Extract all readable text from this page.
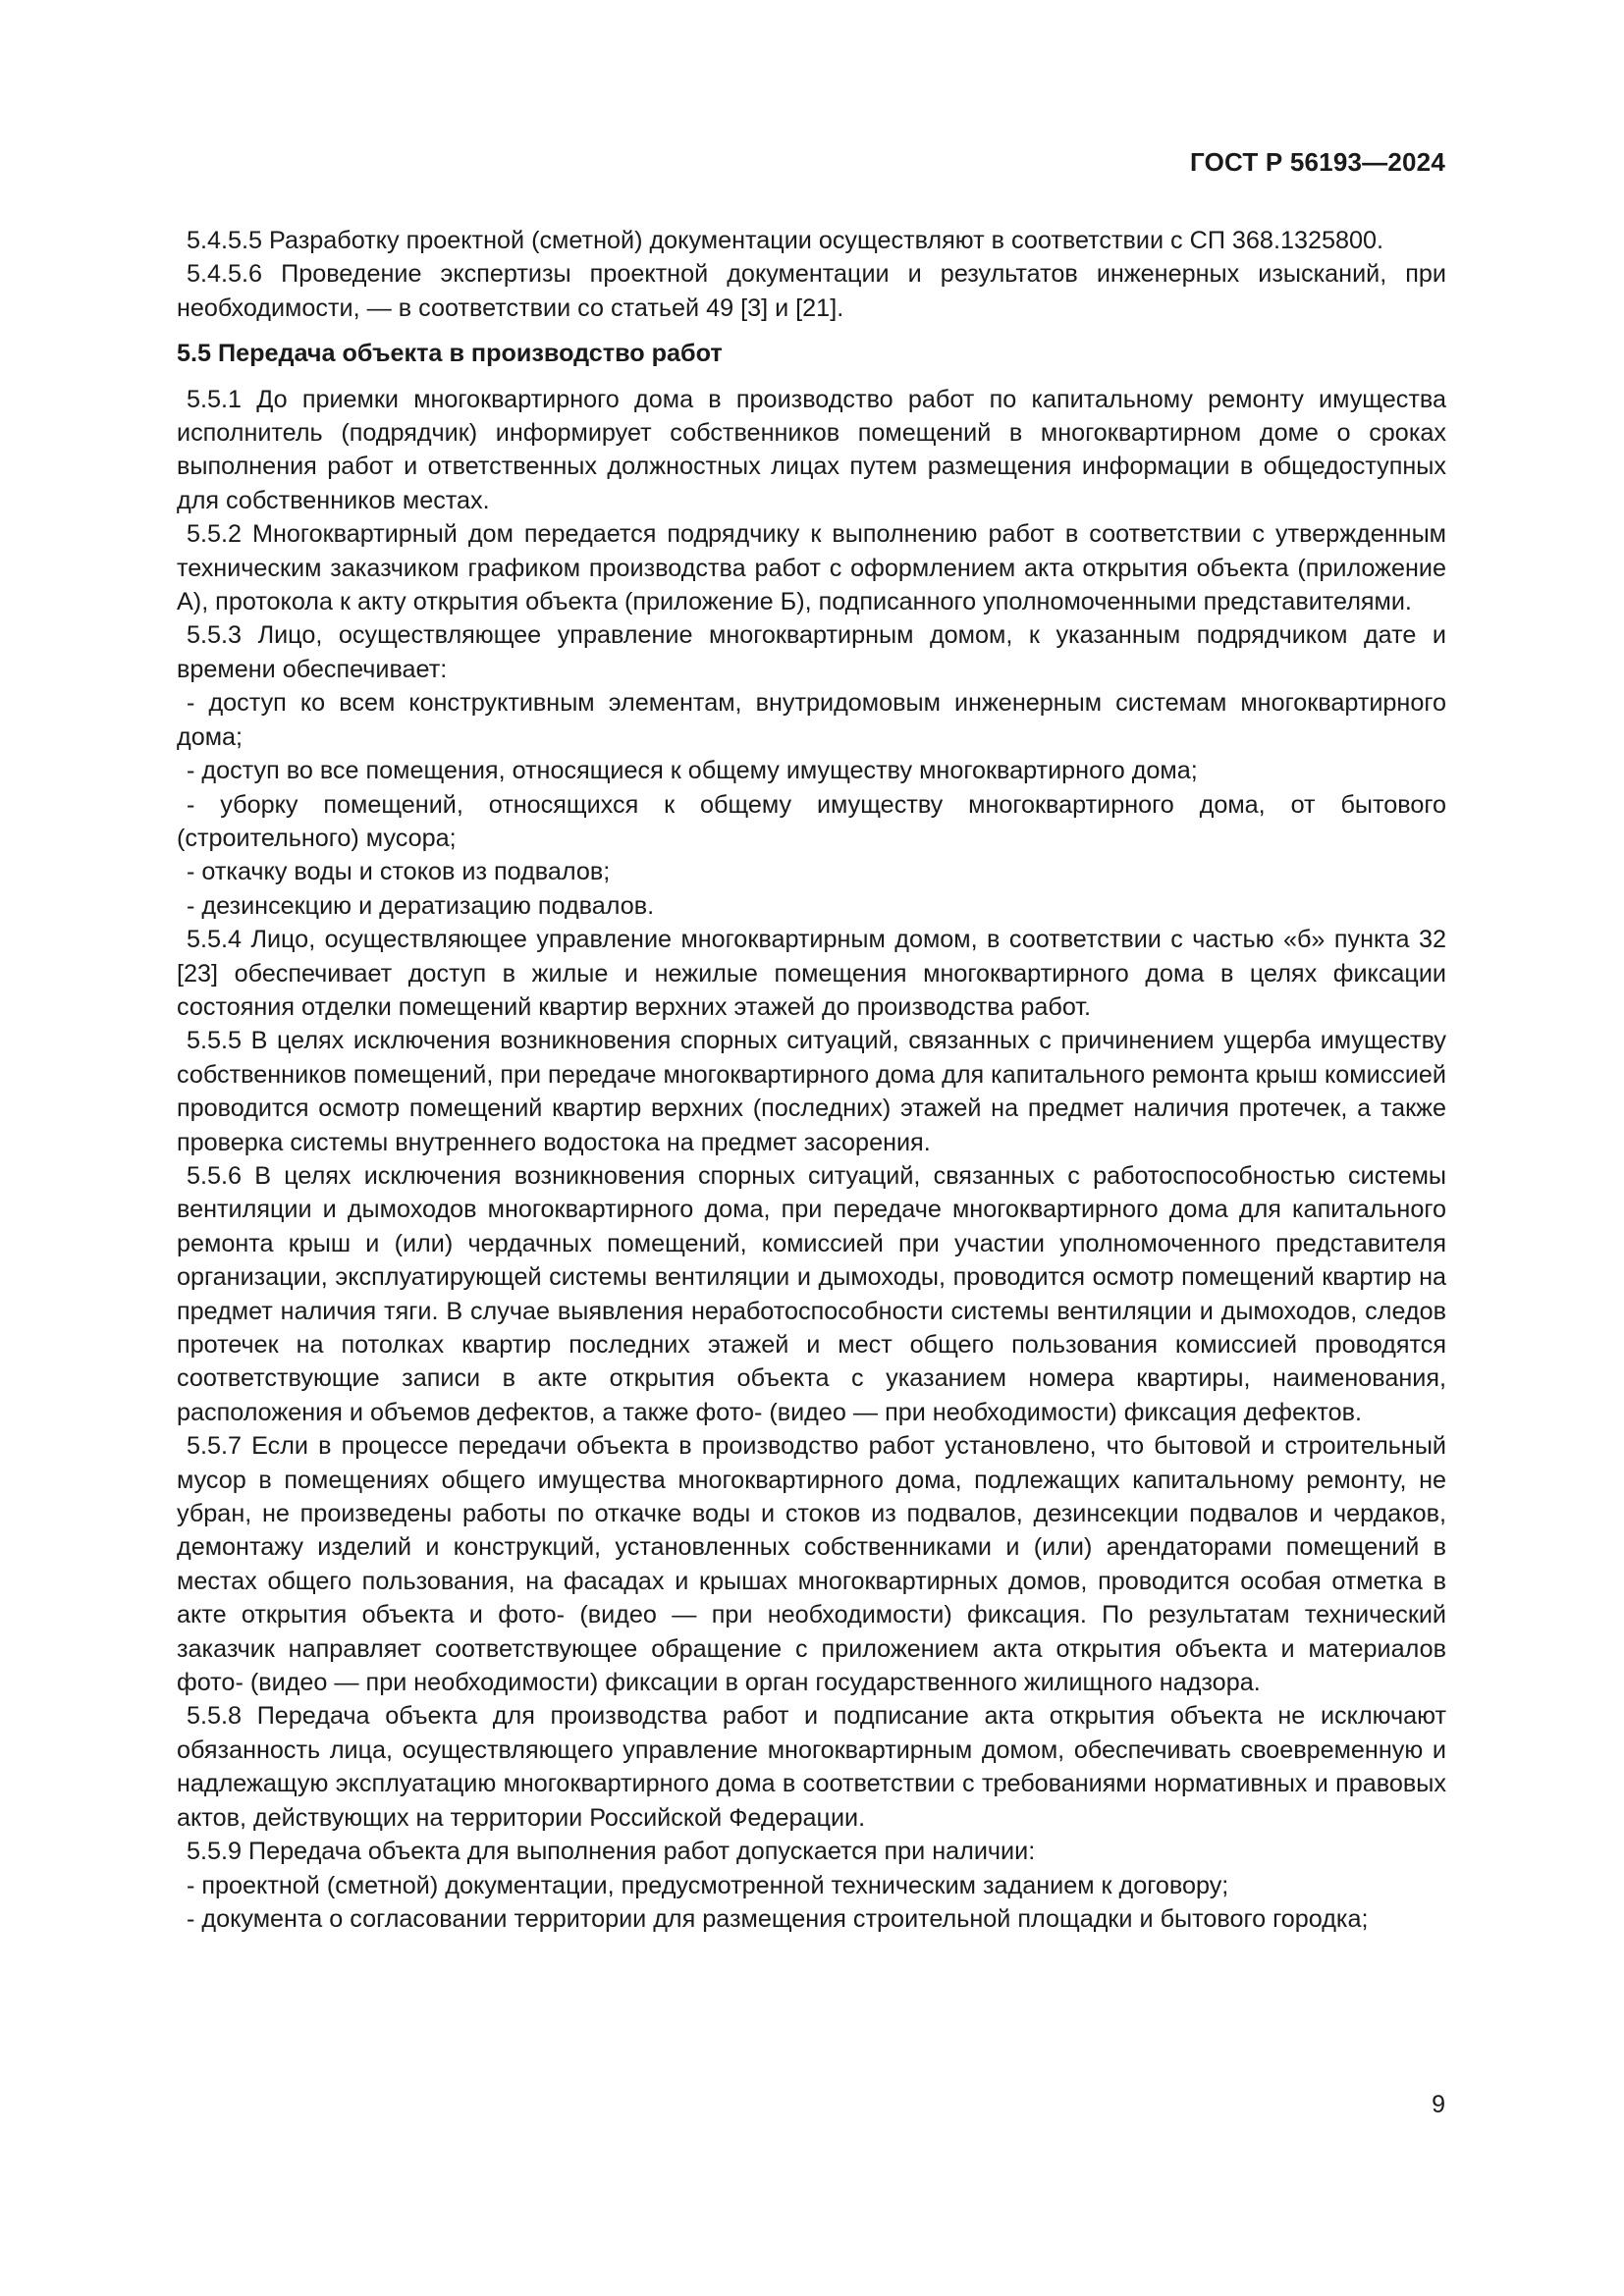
ГОСТ Р 56193—2024

5.4.5.5 Разработку проектной (сметной) документации осуществляют в соответствии с СП 368.1325800.

5.4.5.6 Проведение экспертизы проектной документации и результатов инженерных изысканий, при необходимости, — в соответствии со статьей 49 [3] и [21].

5.5 Передача объекта в производство работ

5.5.1 До приемки многоквартирного дома в производство работ по капитальному ремонту имущества исполнитель (подрядчик) информирует собственников помещений в многоквартирном доме о сроках выполнения работ и ответственных должностных лицах путем размещения информации в общедоступных для собственников местах.

5.5.2 Многоквартирный дом передается подрядчику к выполнению работ в соответствии с утвержденным техническим заказчиком графиком производства работ с оформлением акта открытия объекта (приложение А), протокола к акту открытия объекта (приложение Б), подписанного уполномоченными представителями.

5.5.3 Лицо, осуществляющее управление многоквартирным домом, к указанным подрядчиком дате и времени обеспечивает:

- доступ ко всем конструктивным элементам, внутридомовым инженерным системам многоквартирного дома;

- доступ во все помещения, относящиеся к общему имуществу многоквартирного дома;

- уборку помещений, относящихся к общему имуществу многоквартирного дома, от бытового (строительного) мусора;

- откачку воды и стоков из подвалов;

- дезинсекцию и дератизацию подвалов.

5.5.4 Лицо, осуществляющее управление многоквартирным домом, в соответствии с частью «б» пункта 32 [23] обеспечивает доступ в жилые и нежилые помещения многоквартирного дома в целях фиксации состояния отделки помещений квартир верхних этажей до производства работ.

5.5.5 В целях исключения возникновения спорных ситуаций, связанных с причинением ущерба имуществу собственников помещений, при передаче многоквартирного дома для капитального ремонта крыш комиссией проводится осмотр помещений квартир верхних (последних) этажей на предмет наличия протечек, а также проверка системы внутреннего водостока на предмет засорения.

5.5.6 В целях исключения возникновения спорных ситуаций, связанных с работоспособностью системы вентиляции и дымоходов многоквартирного дома, при передаче многоквартирного дома для капитального ремонта крыш и (или) чердачных помещений, комиссией при участии уполномоченного представителя организации, эксплуатирующей системы вентиляции и дымоходы, проводится осмотр помещений квартир на предмет наличия тяги. В случае выявления неработоспособности системы вентиляции и дымоходов, следов протечек на потолках квартир последних этажей и мест общего пользования комиссией проводятся соответствующие записи в акте открытия объекта с указанием номера квартиры, наименования, расположения и объемов дефектов, а также фото- (видео — при необходимости) фиксация дефектов.

5.5.7 Если в процессе передачи объекта в производство работ установлено, что бытовой и строительный мусор в помещениях общего имущества многоквартирного дома, подлежащих капитальному ремонту, не убран, не произведены работы по откачке воды и стоков из подвалов, дезинсекции подвалов и чердаков, демонтажу изделий и конструкций, установленных собственниками и (или) арендаторами помещений в местах общего пользования, на фасадах и крышах многоквартирных домов, проводится особая отметка в акте открытия объекта и фото- (видео — при необходимости) фиксация. По результатам технический заказчик направляет соответствующее обращение с приложением акта открытия объекта и материалов фото- (видео — при необходимости) фиксации в орган государственного жилищного надзора.

5.5.8 Передача объекта для производства работ и подписание акта открытия объекта не исключают обязанность лица, осуществляющего управление многоквартирным домом, обеспечивать своевременную и надлежащую эксплуатацию многоквартирного дома в соответствии с требованиями нормативных и правовых актов, действующих на территории Российской Федерации.

5.5.9 Передача объекта для выполнения работ допускается при наличии:

- проектной (сметной) документации, предусмотренной техническим заданием к договору;

- документа о согласовании территории для размещения строительной площадки и бытового городка;

9
